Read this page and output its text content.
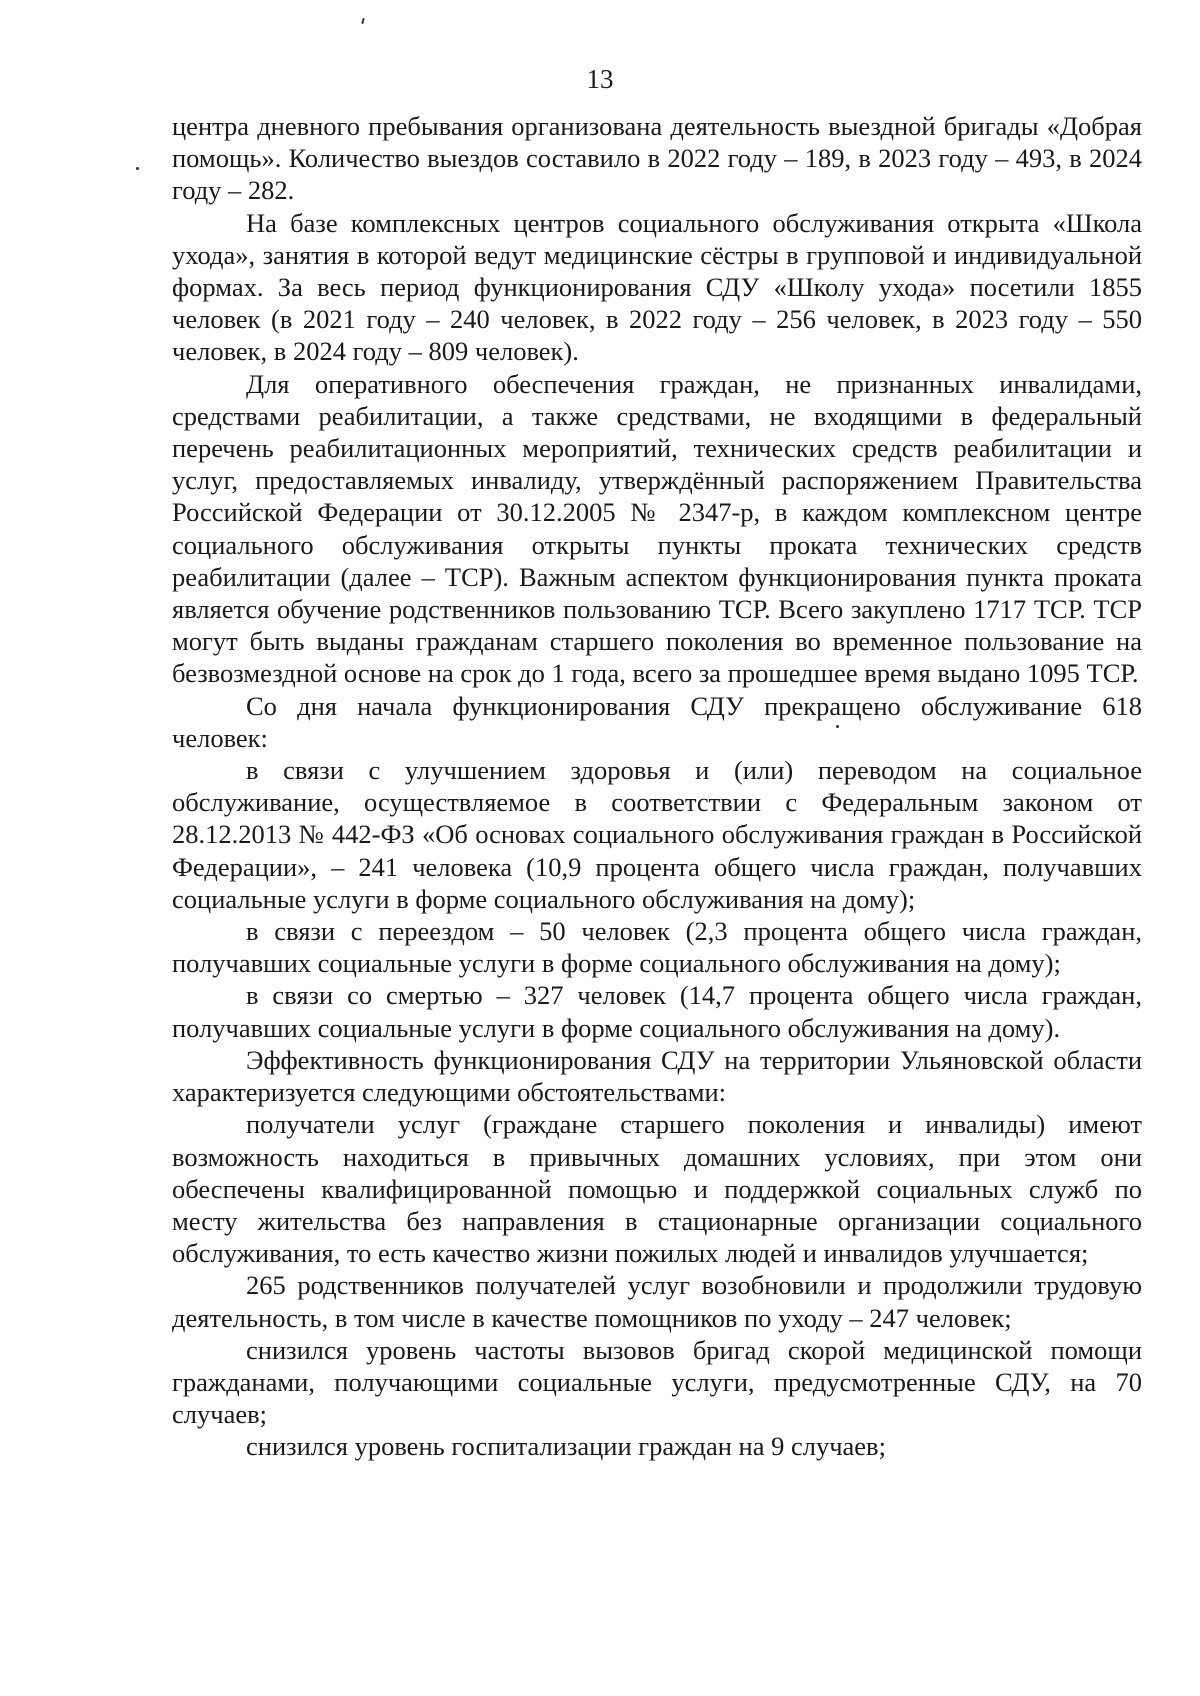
13

центра дневного пребывания организована деятельность выездной бригады «Добрая помощь». Количество выездов составило в 2022 году – 189, в 2023 году – 493, в 2024 году – 282.

На базе комплексных центров социального обслуживания открыта «Школа ухода», занятия в которой ведут медицинские сёстры в групповой и индивидуальной формах. За весь период функционирования СДУ «Школу ухода» посетили 1855 человек (в 2021 году – 240 человек, в 2022 году – 256 человек, в 2023 году – 550 человек, в 2024 году – 809 человек).

Для оперативного обеспечения граждан, не признанных инвалидами, средствами реабилитации, а также средствами, не входящими в федеральный перечень реабилитационных мероприятий, технических средств реабилитации и услуг, предоставляемых инвалиду, утверждённый распоряжением Правительства Российской Федерации от 30.12.2005 № 2347-р, в каждом комплексном центре социального обслуживания открыты пункты проката технических средств реабилитации (далее – ТСР). Важным аспектом функционирования пункта проката является обучение родственников пользованию ТСР. Всего закуплено 1717 ТСР. ТСР могут быть выданы гражданам старшего поколения во временное пользование на безвозмездной основе на срок до 1 года, всего за прошедшее время выдано 1095 ТСР.

Со дня начала функционирования СДУ прекращено обслуживание 618 человек:

в связи с улучшением здоровья и (или) переводом на социальное обслуживание, осуществляемое в соответствии с Федеральным законом от 28.12.2013 № 442-ФЗ «Об основах социального обслуживания граждан в Российской Федерации», – 241 человека (10,9 процента общего числа граждан, получавших социальные услуги в форме социального обслуживания на дому);

в связи с переездом – 50 человек (2,3 процента общего числа граждан, получавших социальные услуги в форме социального обслуживания на дому);

в связи со смертью – 327 человек (14,7 процента общего числа граждан, получавших социальные услуги в форме социального обслуживания на дому).

Эффективность функционирования СДУ на территории Ульяновской области характеризуется следующими обстоятельствами:

получатели услуг (граждане старшего поколения и инвалиды) имеют возможность находиться в привычных домашних условиях, при этом они обеспечены квалифицированной помощью и поддержкой социальных служб по месту жительства без направления в стационарные организации социального обслуживания, то есть качество жизни пожилых людей и инвалидов улучшается;

265 родственников получателей услуг возобновили и продолжили трудовую деятельность, в том числе в качестве помощников по уходу – 247 человек;

снизился уровень частоты вызовов бригад скорой медицинской помощи гражданами, получающими социальные услуги, предусмотренные СДУ, на 70 случаев;

снизился уровень госпитализации граждан на 9 случаев;
